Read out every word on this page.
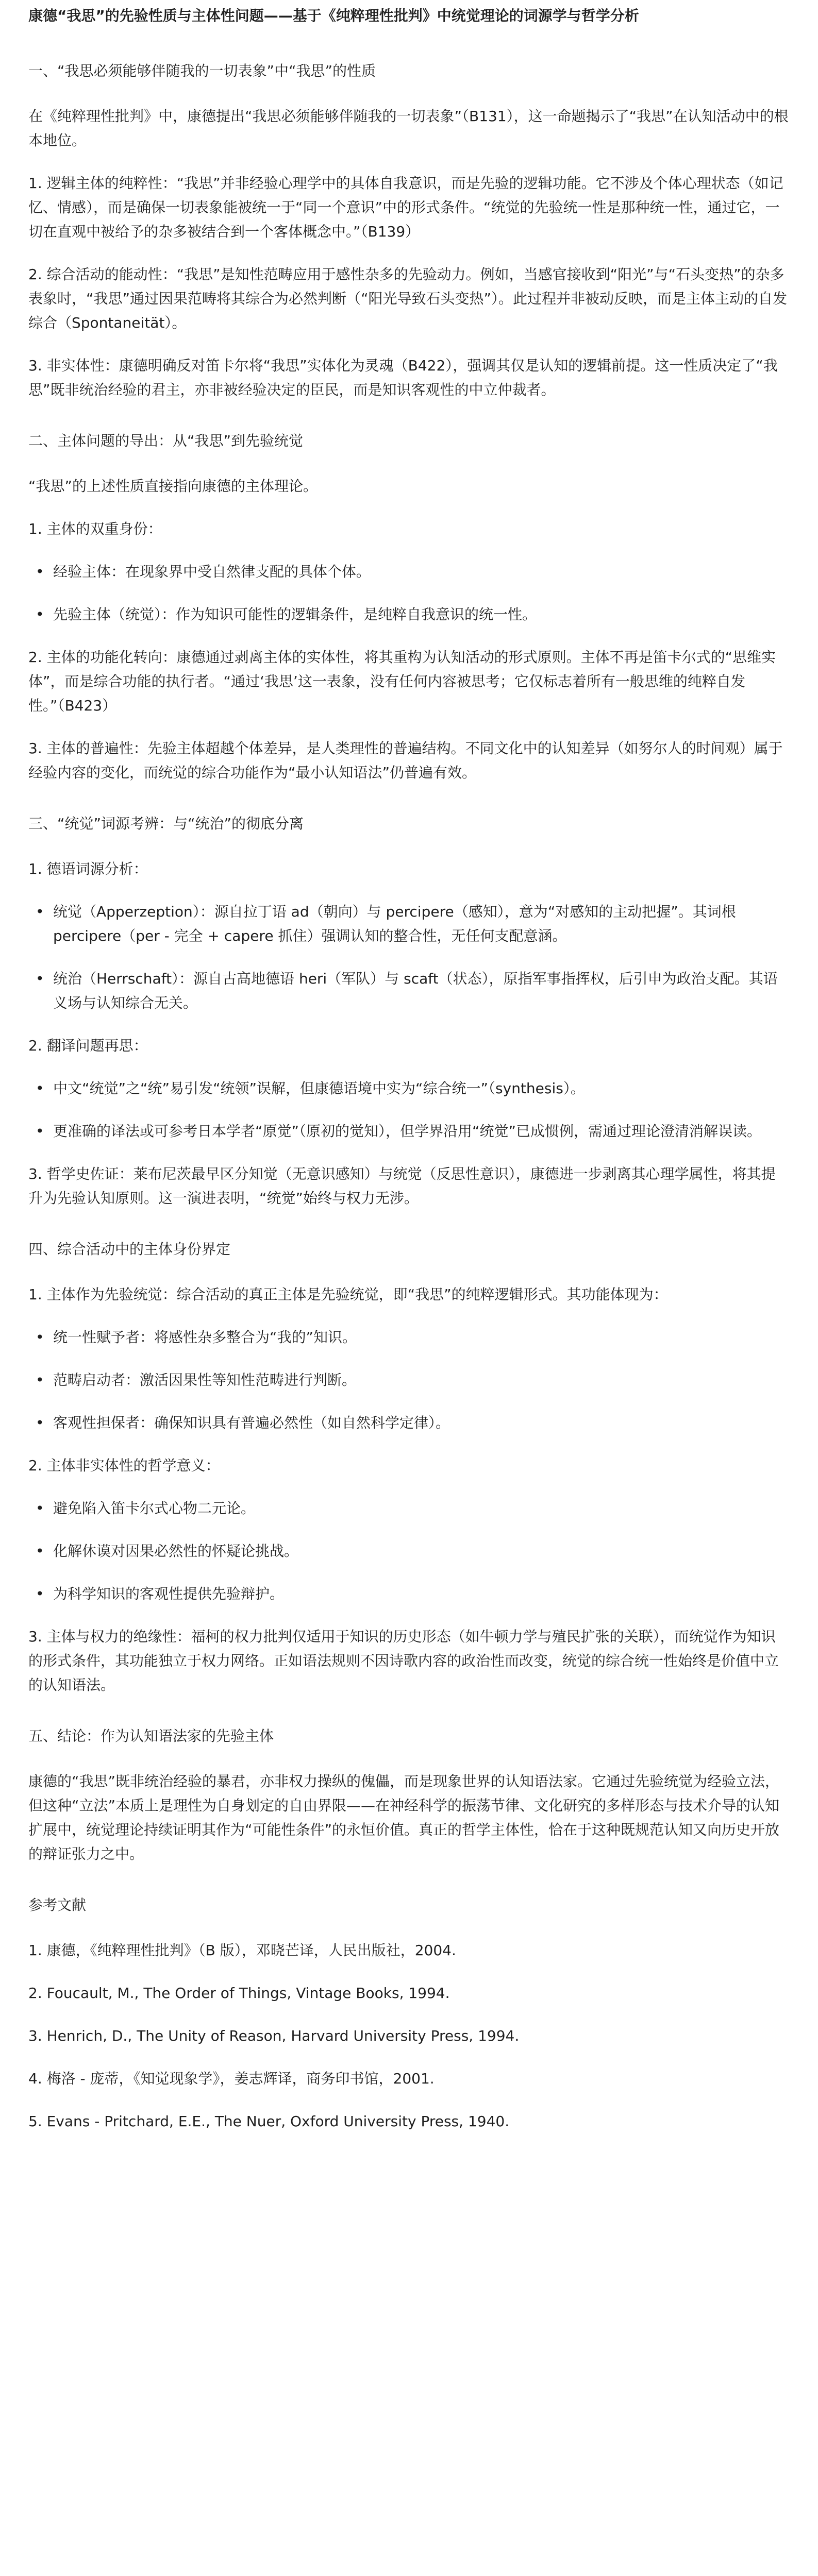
康德“我思”的先验性质与主体性问题——基于《纯粹理性批判》中统觉理论的词源学与哲学分析
一、“我思必须能够伴随我的一切表象”中“我思”的性质
在《纯粹理性批判》中，康德提出“我思必须能够伴随我的一切表象”（B131），这一命题揭示了“我思”在认知活动中的根本地位。
1. 逻辑主体的纯粹性：“我思”并非经验心理学中的具体自我意识，而是先验的逻辑功能。它不涉及个体心理状态（如记忆、情感），而是确保一切表象能被统一于“同一个意识”中的形式条件。“统觉的先验统一性是那种统一性，通过它，一切在直观中被给予的杂多被结合到一个客体概念中。”（B139）
2. 综合活动的能动性：“我思”是知性范畴应用于感性杂多的先验动力。例如，当感官接收到“阳光”与“石头变热”的杂多表象时，“我思”通过因果范畴将其综合为必然判断（“阳光导致石头变热”）。此过程并非被动反映，而是主体主动的自发综合（Spontaneität）。
3. 非实体性：康德明确反对笛卡尔将“我思”实体化为灵魂（B422），强调其仅是认知的逻辑前提。这一性质决定了“我思”既非统治经验的君主，亦非被经验决定的臣民，而是知识客观性的中立仲裁者。
二、主体问题的导出：从“我思”到先验统觉
“我思”的上述性质直接指向康德的主体理论。
1. 主体的双重身份：
• 经验主体：在现象界中受自然律支配的具体个体。
• 先验主体（统觉）：作为知识可能性的逻辑条件，是纯粹自我意识的统一性。
2. 主体的功能化转向：康德通过剥离主体的实体性，将其重构为认知活动的形式原则。主体不再是笛卡尔式的“思维实体”，而是综合功能的执行者。“通过‘我思’这一表象，没有任何内容被思考；它仅标志着所有一般思维的纯粹自发性。”（B423）
3. 主体的普遍性：先验主体超越个体差异，是人类理性的普遍结构。不同文化中的认知差异（如努尔人的时间观）属于经验内容的变化，而统觉的综合功能作为“最小认知语法”仍普遍有效。
三、“统觉”词源考辨：与“统治”的彻底分离
1. 德语词源分析：
• 统觉（Apperzeption）：源自拉丁语 ad（朝向）与 percipere（感知），意为“对感知的主动把握”。其词根 percipere（per - 完全 + capere 抓住）强调认知的整合性，无任何支配意涵。
• 统治（Herrschaft）：源自古高地德语 heri（军队）与 scaft（状态），原指军事指挥权，后引申为政治支配。其语义场与认知综合无关。
2. 翻译问题再思：
• 中文“统觉”之“统”易引发“统领”误解，但康德语境中实为“综合统一”（synthesis）。
• 更准确的译法或可参考日本学者“原觉”（原初的觉知），但学界沿用“统觉”已成惯例，需通过理论澄清消解误读。
3. 哲学史佐证：莱布尼茨最早区分知觉（无意识感知）与统觉（反思性意识），康德进一步剥离其心理学属性，将其提升为先验认知原则。这一演进表明，“统觉”始终与权力无涉。
四、综合活动中的主体身份界定
1. 主体作为先验统觉：综合活动的真正主体是先验统觉，即“我思”的纯粹逻辑形式。其功能体现为：
• 统一性赋予者：将感性杂多整合为“我的”知识。
• 范畴启动者：激活因果性等知性范畴进行判断。
• 客观性担保者：确保知识具有普遍必然性（如自然科学定律）。
2. 主体非实体性的哲学意义：
• 避免陷入笛卡尔式心物二元论。
• 化解休谟对因果必然性的怀疑论挑战。
• 为科学知识的客观性提供先验辩护。
3. 主体与权力的绝缘性：福柯的权力批判仅适用于知识的历史形态（如牛顿力学与殖民扩张的关联），而统觉作为知识的形式条件，其功能独立于权力网络。正如语法规则不因诗歌内容的政治性而改变，统觉的综合统一性始终是价值中立的认知语法。
五、结论：作为认知语法家的先验主体
康德的“我思”既非统治经验的暴君，亦非权力操纵的傀儡，而是现象世界的认知语法家。它通过先验统觉为经验立法，但这种“立法”本质上是理性为自身划定的自由界限——在神经科学的振荡节律、文化研究的多样形态与技术介导的认知扩展中，统觉理论持续证明其作为“可能性条件”的永恒价值。真正的哲学主体性，恰在于这种既规范认知又向历史开放的辩证张力之中。
参考文献
1. 康德，《纯粹理性批判》（B 版），邓晓芒译，人民出版社，2004.
2. Foucault, M., The Order of Things, Vintage Books, 1994.
3. Henrich, D., The Unity of Reason, Harvard University Press, 1994.
4. 梅洛 - 庞蒂，《知觉现象学》，姜志辉译，商务印书馆，2001.
5. Evans - Pritchard, E.E., The Nuer, Oxford University Press, 1940.
